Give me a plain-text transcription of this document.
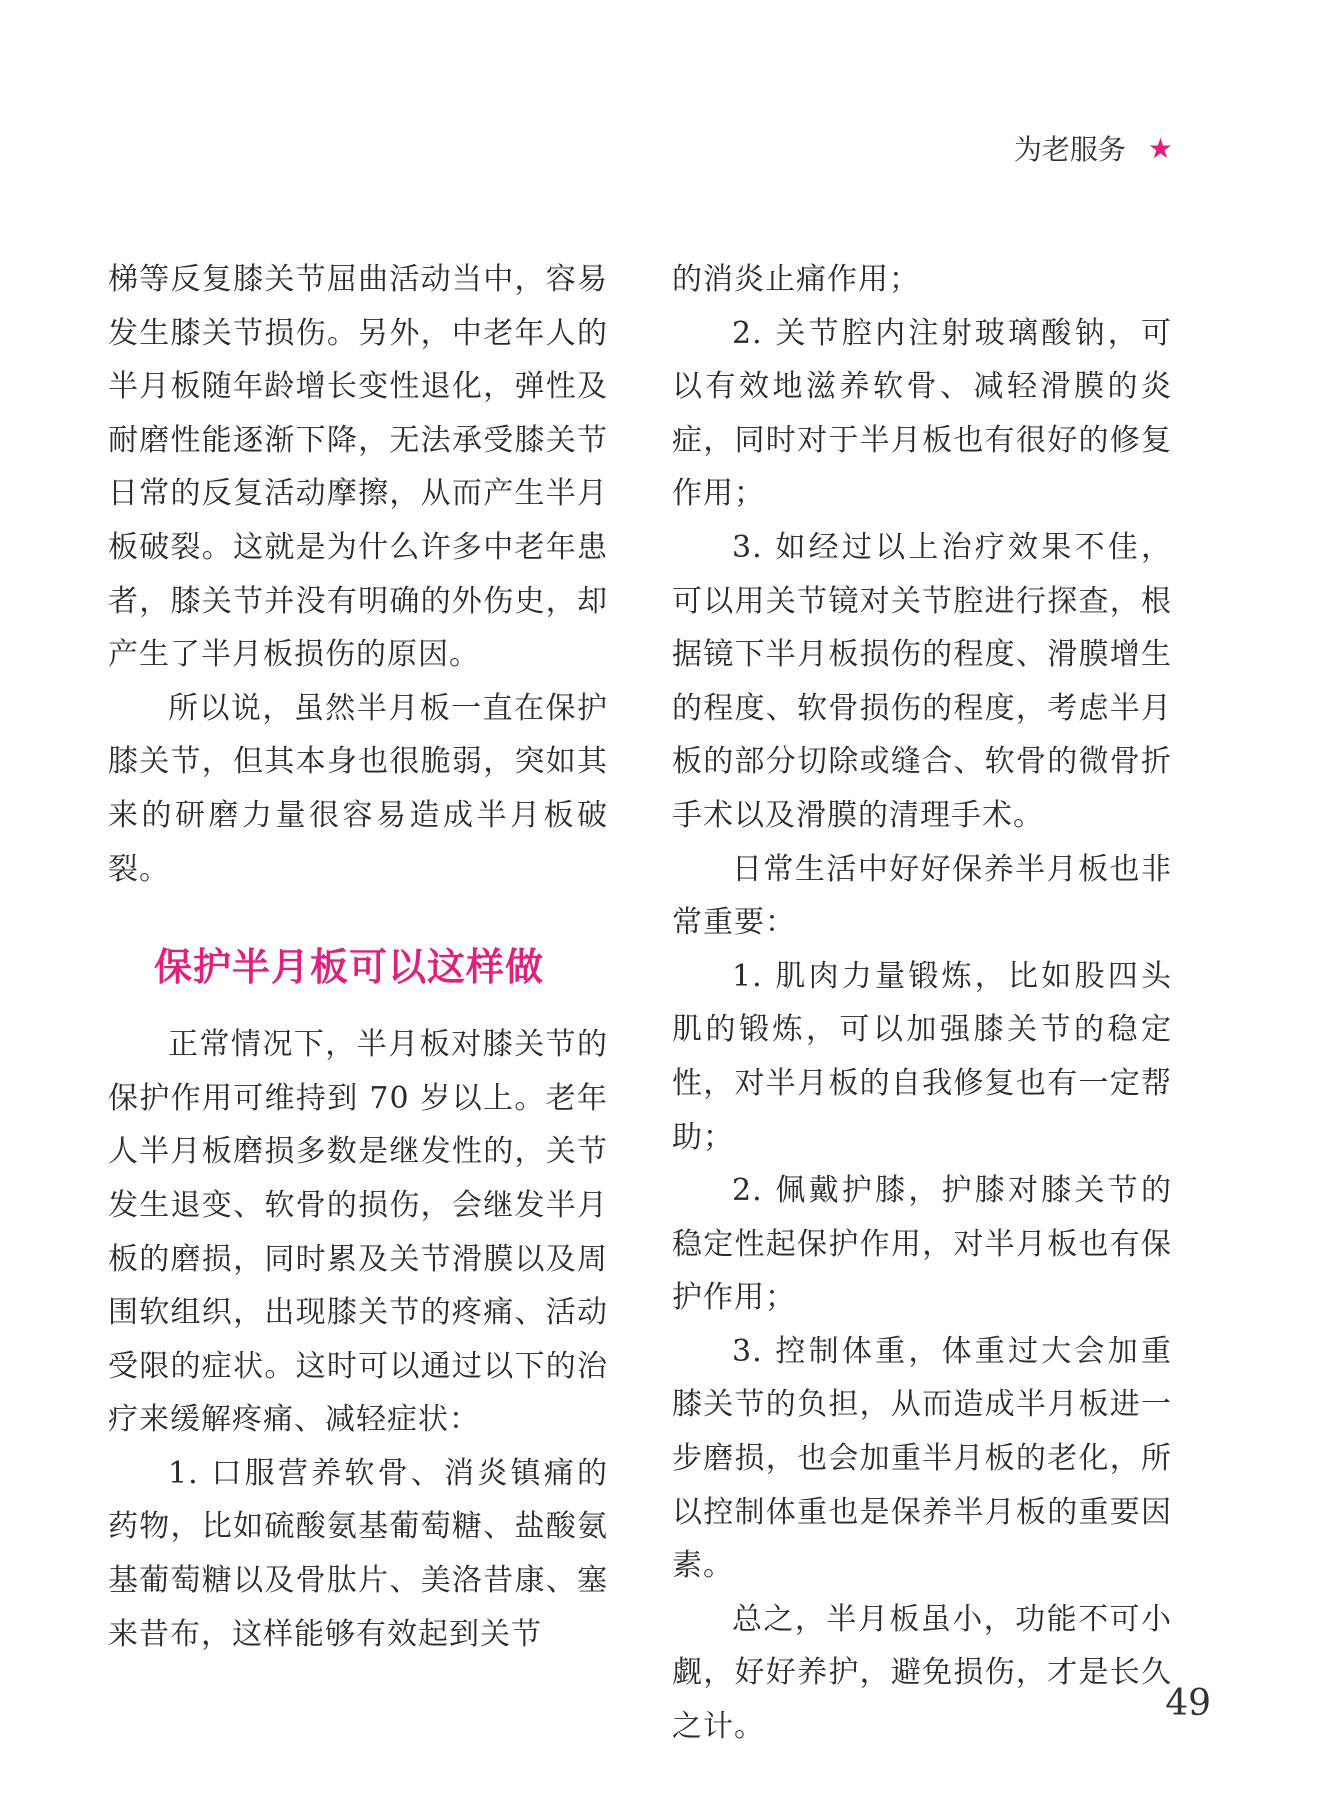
为老服务 ★

梯等反复膝关节屈曲活动当中，容易发生膝关节损伤。另外，中老年人的半月板随年龄增长变性退化，弹性及耐磨性能逐渐下降，无法承受膝关节日常的反复活动摩擦，从而产生半月板破裂。这就是为什么许多中老年患者，膝关节并没有明确的外伤史，却产生了半月板损伤的原因。

所以说，虽然半月板一直在保护膝关节，但其本身也很脆弱，突如其来的研磨力量很容易造成半月板破裂。

保护半月板可以这样做

正常情况下，半月板对膝关节的保护作用可维持到 70 岁以上。老年人半月板磨损多数是继发性的，关节发生退变、软骨的损伤，会继发半月板的磨损，同时累及关节滑膜以及周围软组织，出现膝关节的疼痛、活动受限的症状。这时可以通过以下的治疗来缓解疼痛、减轻症状：

1. 口服营养软骨、消炎镇痛的药物，比如硫酸氨基葡萄糖、盐酸氨基葡萄糖以及骨肽片、美洛昔康、塞来昔布，这样能够有效起到关节

的消炎止痛作用；

2. 关节腔内注射玻璃酸钠，可以有效地滋养软骨、减轻滑膜的炎症，同时对于半月板也有很好的修复作用；

3. 如经过以上治疗效果不佳，可以用关节镜对关节腔进行探查，根据镜下半月板损伤的程度、滑膜增生的程度、软骨损伤的程度，考虑半月板的部分切除或缝合、软骨的微骨折手术以及滑膜的清理手术。

日常生活中好好保养半月板也非常重要：

1. 肌肉力量锻炼，比如股四头肌的锻炼，可以加强膝关节的稳定性，对半月板的自我修复也有一定帮助；

2. 佩戴护膝，护膝对膝关节的稳定性起保护作用，对半月板也有保护作用；

3. 控制体重，体重过大会加重膝关节的负担，从而造成半月板进一步磨损，也会加重半月板的老化，所以控制体重也是保养半月板的重要因素。

总之，半月板虽小，功能不可小觑，好好养护，避免损伤，才是长久之计。

49
